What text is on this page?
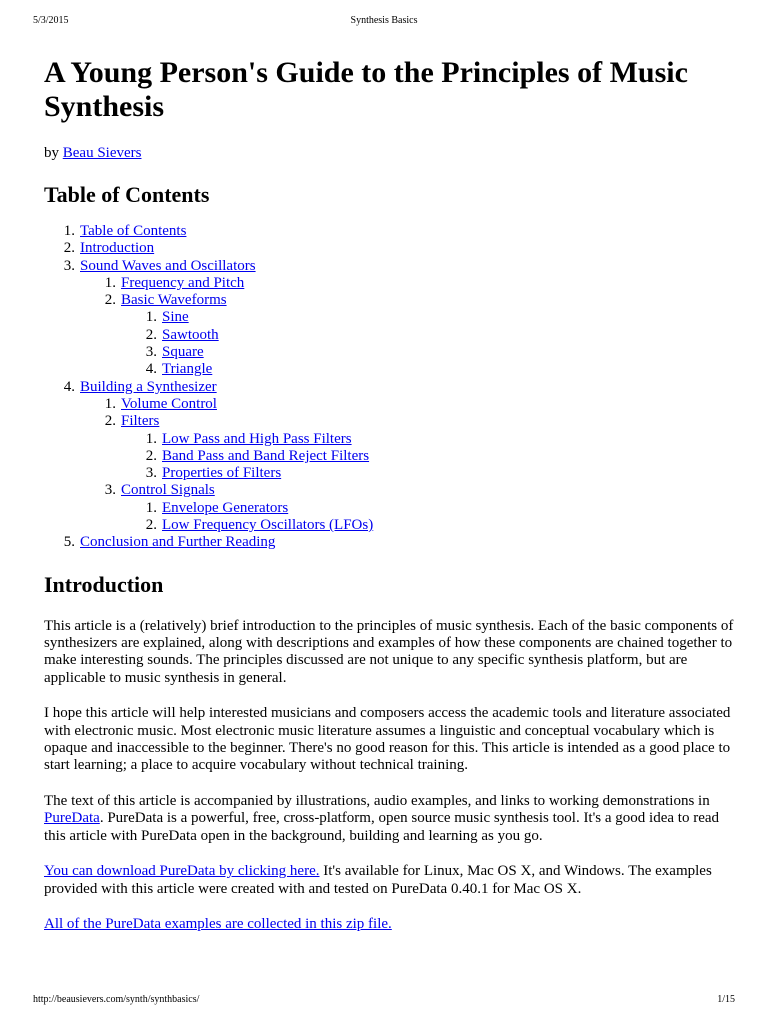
5/3/2015	Synthesis Basics
A Young Person's Guide to the Principles of Music Synthesis
by Beau Sievers
Table of Contents
1. Table of Contents
2. Introduction
3. Sound Waves and Oscillators
1. Frequency and Pitch
2. Basic Waveforms
1. Sine
2. Sawtooth
3. Square
4. Triangle
4. Building a Synthesizer
1. Volume Control
2. Filters
1. Low Pass and High Pass Filters
2. Band Pass and Band Reject Filters
3. Properties of Filters
3. Control Signals
1. Envelope Generators
2. Low Frequency Oscillators (LFOs)
5. Conclusion and Further Reading
Introduction

This article is a (relatively) brief introduction to the principles of music synthesis. Each of the basic components of synthesizers are explained, along with descriptions and examples of how these components are chained together to make interesting sounds. The principles discussed are not unique to any specific synthesis platform, but are applicable to music synthesis in general.

I hope this article will help interested musicians and composers access the academic tools and literature associated with electronic music. Most electronic music literature assumes a linguistic and conceptual vocabulary which is opaque and inaccessible to the beginner. There's no good reason for this. This article is intended as a good place to start learning; a place to acquire vocabulary without technical training.

The text of this article is accompanied by illustrations, audio examples, and links to working demonstrations in PureData. PureData is a powerful, free, cross-platform, open source music synthesis tool. It's a good idea to read this article with PureData open in the background, building and learning as you go.

You can download PureData by clicking here. It's available for Linux, Mac OS X, and Windows. The examples provided with this article were created with and tested on PureData 0.40.1 for Mac OS X.

All of the PureData examples are collected in this zip file.

http://beausievers.com/synth/synthbasics/	1/15
